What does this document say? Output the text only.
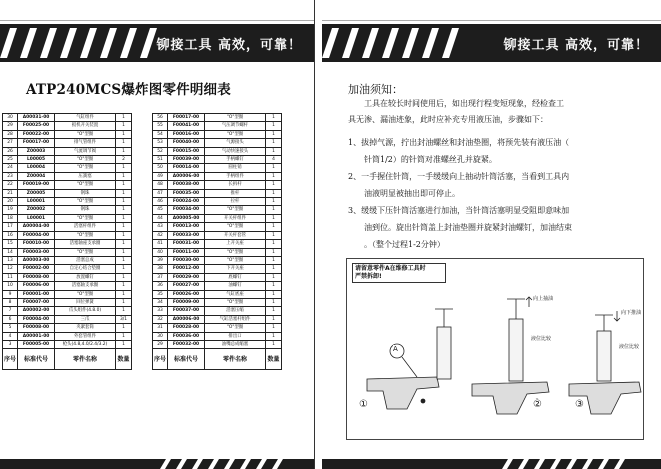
铆接工具 高效，可靠！
ATP240MCS爆炸图零件明细表
30	A00031-00	气缸组件	1
29	F00025-00	扳机开关装置	1
28	F00022-00	"O"型圈	1
27	F00017-00	排气管组件	1
26	Z00003	气流调节阀	1
25	L00005	"O"型圈	2
24	L00004	"O"型圈	1
23	Z00004	压簧塞	1
22	F00019-00	"O"型圈	1
21	Z00005	钢珠	1
20	L00001	"O"型圈	1
19	Z00002	钢珠	1
18	L00001	"O"型圈	1
17	A00004-00	活塞杆组件	1
16	F00004-00	"O"型圈	1
15	F00010-00	活塞轴座支承圈	1
14	F00003-00	"O"型圈	1
13	A00003-00	活塞总成	1
12	F00002-00	自定心结合垫圈	1
11	F00008-00	放置螺钉	1
10	F00006-00	活塞轴支承圈	1
9	F00001-00	"O"型圈	1
8	F00007-00	回位弹簧	1
7	A00002-00	爪头组件(4.8.0)	1
6	F00004-00	三爪	3/1
5	F00008-00	夹紧套筒	1
4	A00001-00	外套管组件	1
3	F00005-00	枪头(4.8,4.0/2.4/3.2)	1
序号	标准代号	零件名称	数量
56	F00017-00	"O"型圈	1
55	F00041-00	气压调节螺杆	1
54	F00016-00	"O"型圈	1
53	F00040-00	气源接头	1
52	F00015-00	气动快速接头	1
51	F00039-00	手柄螺钉	4
50	F00014-00	圆柱销	1
49	A00006-00	手柄组件	1
48	F00038-00	长拆杆	1
47	F00035-00	推杆	1
46	F00024-00	拉杆	1
45	F00034-00	"O"型圈	1
44	A00005-00	开关杆组件	1
43	F00013-00	"O"型圈	1
42	F00033-00	开关杆套管	1
41	F00031-00	上开关座	1
40	F00011-00	"O"型圈	1
39	F00030-00	"O"型圈	1
38	F00012-00	下开关座	1
37	F00029-00	底螺钉	1
36	F00027-00	油螺钉	1
35	F00026-00	气缸底座	1
34	F00009-00	"O"型圈	1
33	F00037-00	活塞压缩	1
32	A00006-00	气缸活塞杆组件	1
31	F00028-00	"O"型圈	1
30	F00036-00	排出口	1
29	F00032-00	油嘴总成缩塞	1
序号	标准代号	零件名称	数量
铆接工具 高效，可靠！
加油须知：
工具在较长时间使用后，如出现行程变短现象，经检查工
具无渗、漏油迹象，此时应补充专用液压油，步骤如下：
1、拔掉气源，拧出封油螺丝和封油垫圈，将预先装有液压油（
针筒1/2）的针筒对准螺丝孔并旋紧。
2、一手握住针筒，一手缓缓向上抽动针筒活塞，当看到工具内
油液明显被抽出即可停止。
3、缓缓下压针筒活塞进行加油，当针筒活塞明显受阻即意味加
油到位。旋出针筒盖上封油垫圈并旋紧封油螺钉，加油结束
。（整个过程1-2分钟）
请留意零件A在维修工具时
严禁拆卸!
A
向上抽油
向下推油
液位比较
液位比较
①	②	③
